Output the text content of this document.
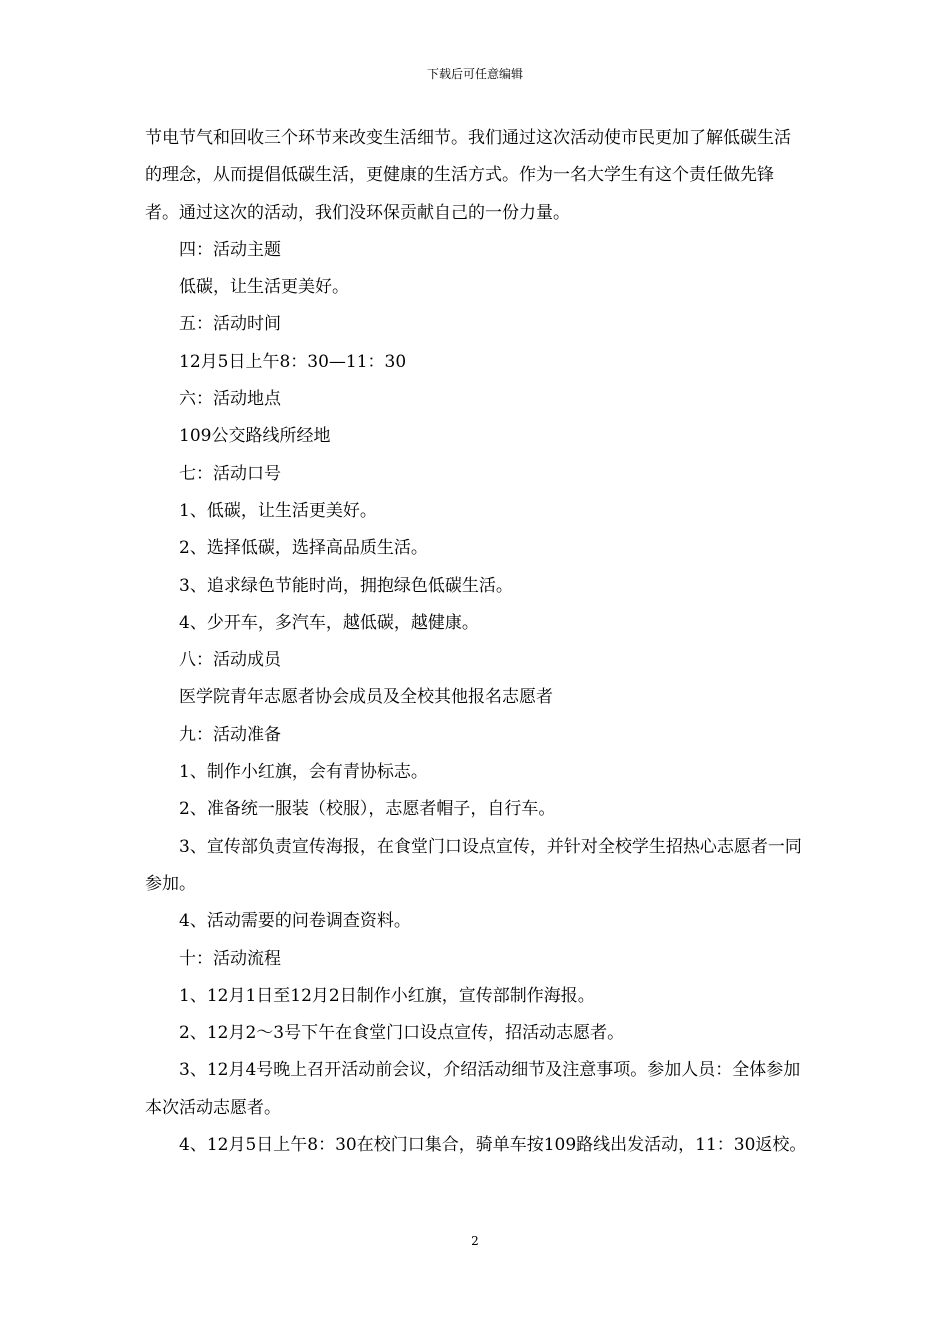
下载后可任意编辑

节电节气和回收三个环节来改变生活细节。我们通过这次活动使市民更加了解低碳生活的理念，从而提倡低碳生活，更健康的生活方式。作为一名大学生有这个责任做先锋者。通过这次的活动，我们没环保贡献自己的一份力量。

四：活动主题

低碳，让生活更美好。

五：活动时间

12月5日上午8：30—11：30

六：活动地点

109公交路线所经地

七：活动口号

1、低碳，让生活更美好。

2、选择低碳，选择高品质生活。

3、追求绿色节能时尚，拥抱绿色低碳生活。

4、少开车，多汽车，越低碳，越健康。

八：活动成员

医学院青年志愿者协会成员及全校其他报名志愿者

九：活动准备

1、制作小红旗，会有青协标志。

2、准备统一服装（校服），志愿者帽子，自行车。

3、宣传部负责宣传海报，在食堂门口设点宣传，并针对全校学生招热心志愿者一同参加。

4、活动需要的问卷调查资料。

十：活动流程

1、12月1日至12月2日制作小红旗，宣传部制作海报。

2、12月2～3号下午在食堂门口设点宣传，招活动志愿者。

3、12月4号晚上召开活动前会议，介绍活动细节及注意事项。参加人员：全体参加本次活动志愿者。

4、12月5日上午8：30在校门口集合，骑单车按109路线出发活动，11：30返校。

2
